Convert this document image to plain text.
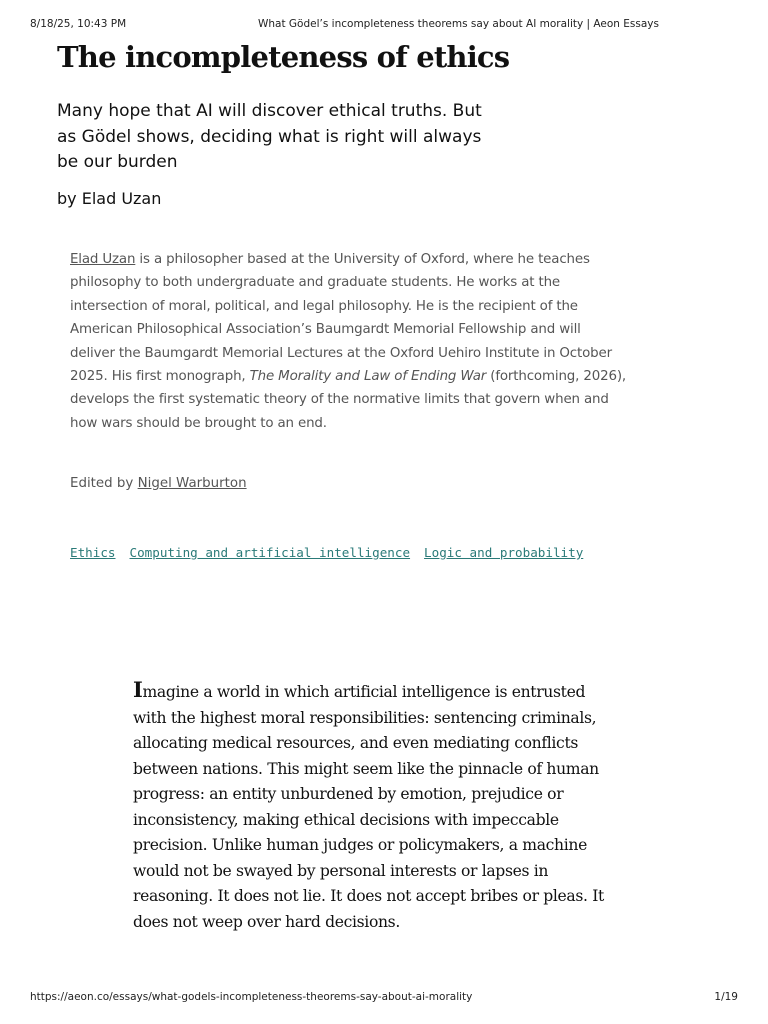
8/18/25, 10:43 PM	What Gödel’s incompleteness theorems say about AI morality | Aeon Essays
The incompleteness of ethics

Many hope that AI will discover ethical truths. But as Gödel shows, deciding what is right will always be our burden

by Elad Uzan
Elad Uzan is a philosopher based at the University of Oxford, where he teaches
philosophy to both undergraduate and graduate students. He works at the
intersection of moral, political, and legal philosophy. He is the recipient of the
American Philosophical Association’s Baumgardt Memorial Fellowship and will
deliver the Baumgardt Memorial Lectures at the Oxford Uehiro Institute in October
2025. His first monograph, The Morality and Law of Ending War (forthcoming, 2026),
develops the first systematic theory of the normative limits that govern when and
how wars should be brought to an end.
Edited by Nigel Warburton
Ethics Computing and artificial intelligence Logic and probability
Imagine a world in which artificial intelligence is entrusted
with the highest moral responsibilities: sentencing criminals,
allocating medical resources, and even mediating conflicts
between nations. This might seem like the pinnacle of human
progress: an entity unburdened by emotion, prejudice or
inconsistency, making ethical decisions with impeccable
precision. Unlike human judges or policymakers, a machine
would not be swayed by personal interests or lapses in
reasoning. It does not lie. It does not accept bribes or pleas. It
does not weep over hard decisions.
https://aeon.co/essays/what-godels-incompleteness-theorems-say-about-ai-morality	1/19
